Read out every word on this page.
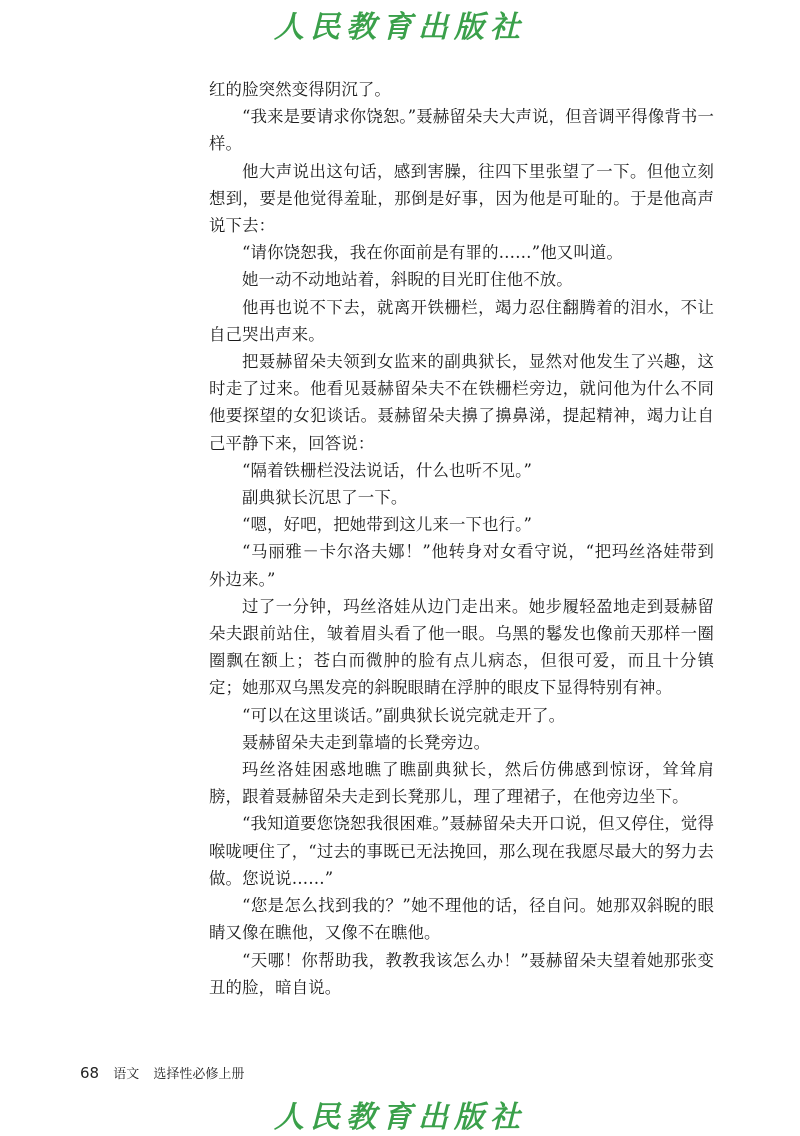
人民教育出版社

红的脸突然变得阴沉了。

“我来是要请求你饶恕。”聂赫留朵夫大声说，但音调平得像背书一样。

他大声说出这句话，感到害臊，往四下里张望了一下。但他立刻想到，要是他觉得羞耻，那倒是好事，因为他是可耻的。于是他高声说下去：

“请你饶恕我，我在你面前是有罪的……”他又叫道。

她一动不动地站着，斜睨的目光盯住他不放。

他再也说不下去，就离开铁栅栏，竭力忍住翻腾着的泪水，不让自己哭出声来。

把聂赫留朵夫领到女监来的副典狱长，显然对他发生了兴趣，这时走了过来。他看见聂赫留朵夫不在铁栅栏旁边，就问他为什么不同他要探望的女犯谈话。聂赫留朵夫擤了擤鼻涕，提起精神，竭力让自己平静下来，回答说：

“隔着铁栅栏没法说话，什么也听不见。”

副典狱长沉思了一下。

“嗯，好吧，把她带到这儿来一下也行。”

“马丽雅－卡尔洛夫娜！”他转身对女看守说，“把玛丝洛娃带到外边来。”

过了一分钟，玛丝洛娃从边门走出来。她步履轻盈地走到聂赫留朵夫跟前站住，皱着眉头看了他一眼。乌黑的鬈发也像前天那样一圈圈飘在额上；苍白而微肿的脸有点儿病态，但很可爱，而且十分镇定；她那双乌黑发亮的斜睨眼睛在浮肿的眼皮下显得特别有神。

“可以在这里谈话。”副典狱长说完就走开了。

聂赫留朵夫走到靠墙的长凳旁边。

玛丝洛娃困惑地瞧了瞧副典狱长，然后仿佛感到惊讶，耸耸肩膀，跟着聂赫留朵夫走到长凳那儿，理了理裙子，在他旁边坐下。

“我知道要您饶恕我很困难。”聂赫留朵夫开口说，但又停住，觉得喉咙哽住了，“过去的事既已无法挽回，那么现在我愿尽最大的努力去做。您说说……”

“您是怎么找到我的？”她不理他的话，径自问。她那双斜睨的眼睛又像在瞧他，又像不在瞧他。

“天哪！你帮助我，教教我该怎么办！”聂赫留朵夫望着她那张变丑的脸，暗自说。

68 语文 选择性必修上册
人民教育出版社
